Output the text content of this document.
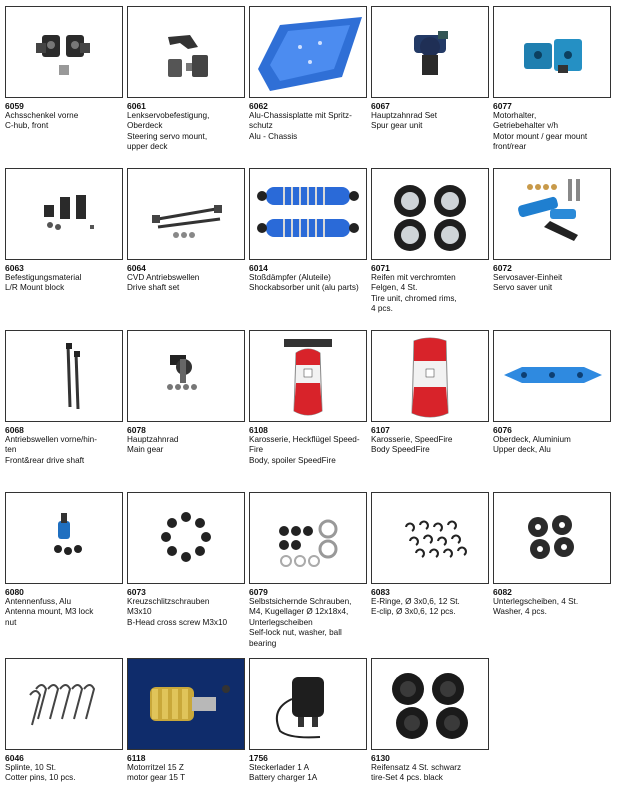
6059
Achsschenkel vorne
C-hub, front
6061
Lenkservobefestigung,
Oberdeck
Steering servo mount,
upper deck
6062
Alu-Chassisplatte mit Spritz-
schutz
Alu - Chassis
6067
Hauptzahnrad Set
Spur gear unit
6077
Motorhalter,
Getriebehalter v/h
Motor mount / gear mount
front/rear
6063
Befestigungsmaterial
L/R Mount block
6064
CVD Antriebswellen
Drive shaft set
6014
Stoßdämpfer (Aluteile)
Shockabsorber unit (alu parts)
6071
Reifen mit verchromten
Felgen, 4 St.
Tire unit, chromed rims,
4 pcs.
6072
Servosaver-Einheit
Servo saver unit
6068
Antriebswellen vorne/hin-
ten
Front&rear drive shaft
6078
Hauptzahnrad
Main gear
6108
Karosserie, Heckflügel Speed-
Fire
Body, spoiler SpeedFire
6107
Karosserie, SpeedFire
Body SpeedFire
6076
Oberdeck, Aluminium
Upper deck, Alu
6080
Antennenfuss, Alu
Antenna mount, M3 lock
nut
6073
Kreuzschlitzschrauben
M3x10
B-Head cross screw M3x10
6079
Selbstsichernde Schrauben,
M4, Kugellager Ø 12x18x4,
Unterlegscheiben
Self-lock nut, washer, ball
bearing
6083
E-Ringe, Ø 3x0,6, 12 St.
E-clip, Ø 3x0,6, 12 pcs.
6082
Unterlegscheiben, 4 St.
Washer, 4 pcs.
6046
Splinte, 10 St.
Cotter pins, 10 pcs.
6118
Motorritzel 15 Z
motor gear 15 T
1756
Steckerlader 1 A
Battery charger 1A
6130
Reifensatz 4 St. schwarz
tire-Set 4 pcs. black
